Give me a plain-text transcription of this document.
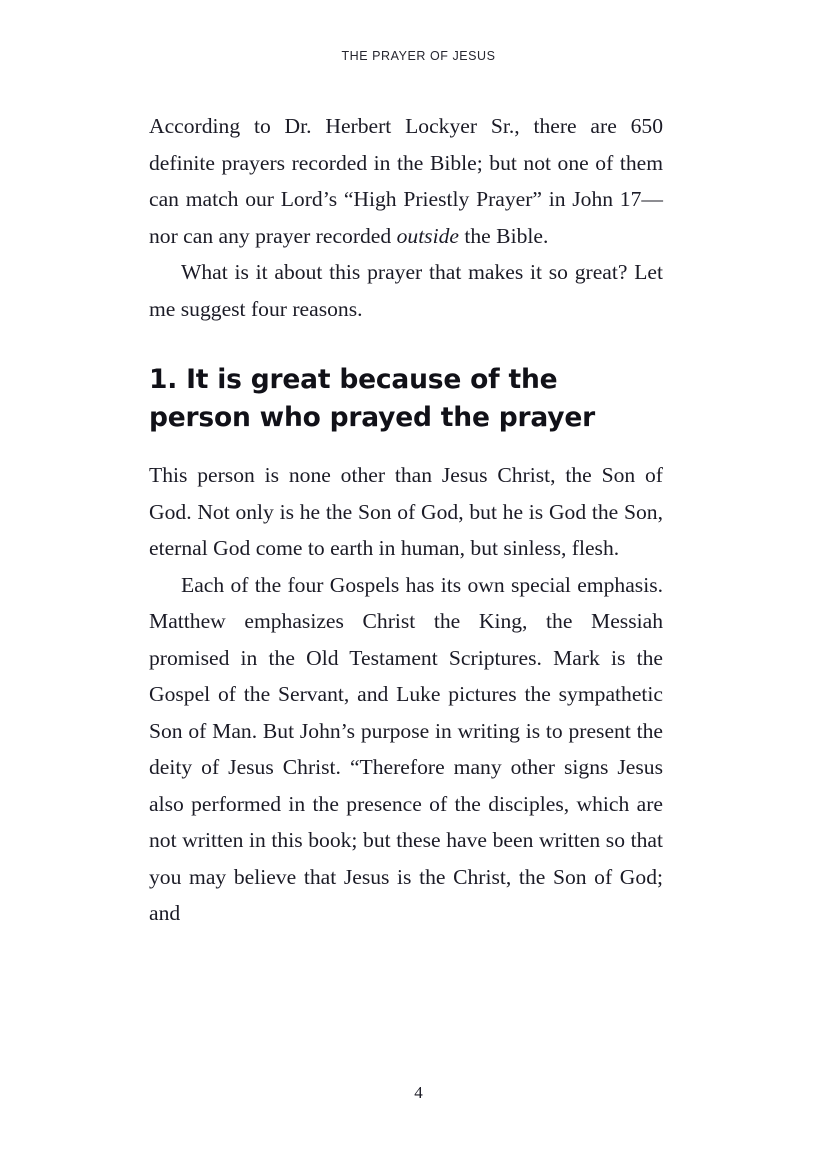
THE PRAYER OF JESUS

According to Dr. Herbert Lockyer Sr., there are 650 definite prayers recorded in the Bible; but not one of them can match our Lord’s “High Priestly Prayer” in John 17—nor can any prayer recorded outside the Bible.

What is it about this prayer that makes it so great? Let me suggest four reasons.

1. It is great because of the person who prayed the prayer

This person is none other than Jesus Christ, the Son of God. Not only is he the Son of God, but he is God the Son, eternal God come to earth in human, but sinless, flesh.

Each of the four Gospels has its own special emphasis. Matthew emphasizes Christ the King, the Messiah promised in the Old Testament Scriptures. Mark is the Gospel of the Servant, and Luke pictures the sympathetic Son of Man. But John’s purpose in writing is to present the deity of Jesus Christ. “Therefore many other signs Jesus also performed in the presence of the disciples, which are not written in this book; but these have been written so that you may believe that Jesus is the Christ, the Son of God; and

4
